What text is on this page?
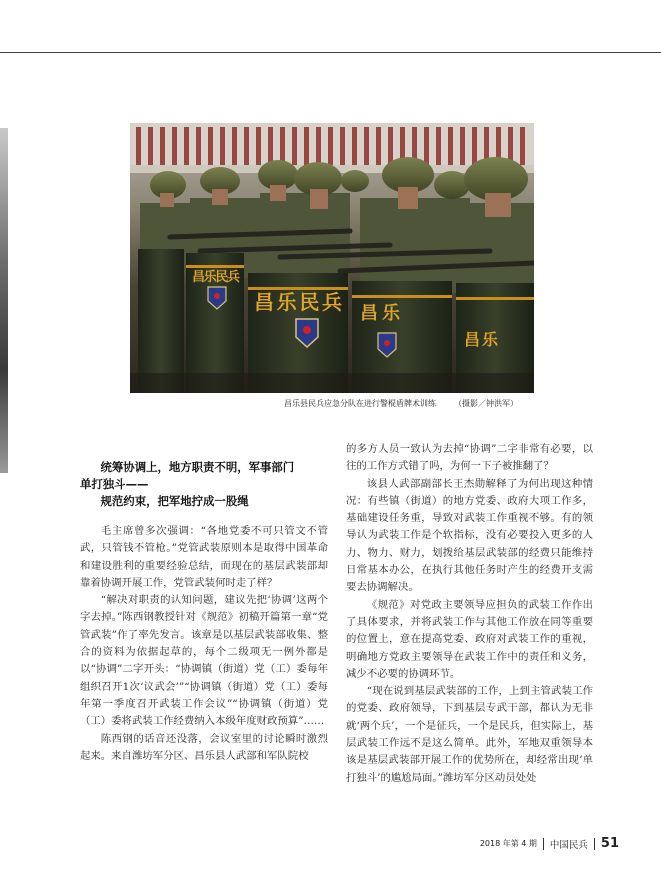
昌乐民兵 昌乐
昌乐民兵
昌乐
昌乐县民兵应急分队在进行警棍盾牌术训练 （摄影／钟洪军）
统筹协调上，地方职责不明，军事部门
单打独斗——
规范约束，把军地拧成一股绳

毛主席曾多次强调：“各地党委不可只管文不管武，只管钱不管枪。”党管武装原则本是取得中国革命和建设胜利的重要经验总结，而现在的基层武装部却靠着协调开展工作，党管武装何时走了样？

“解决对职责的认知问题，建议先把‘协调’这两个字去掉。”陈西钢教授针对《规范》初稿开篇第一章“党管武装”作了率先发言。该章是以基层武装部收集、整合的资料为依据起草的，每个二级项无一例外都是以“协调”二字开头：“协调镇（街道）党（工）委每年组织召开1次‘议武会’”“协调镇（街道）党（工）委每年第一季度召开武装工作会议”“协调镇（街道）党（工）委将武装工作经费纳入本级年度财政预算”……

陈西钢的话音还没落，会议室里的讨论瞬时激烈起来。来自潍坊军分区、昌乐县人武部和军队院校

的多方人员一致认为去掉“协调”二字非常有必要，以往的工作方式错了吗，为何一下子被推翻了？

该县人武部副部长王杰勋解释了为何出现这种情况：有些镇（街道）的地方党委、政府大项工作多，基础建设任务重，导致对武装工作重视不够。有的领导认为武装工作是个软指标，没有必要投入更多的人力、物力、财力，划拨给基层武装部的经费只能维持日常基本办公，在执行其他任务时产生的经费开支需要去协调解决。

《规范》对党政主要领导应担负的武装工作作出了具体要求，并将武装工作与其他工作放在同等重要的位置上，意在提高党委、政府对武装工作的重视，明确地方党政主要领导在武装工作中的责任和义务，减少不必要的协调环节。

“现在说到基层武装部的工作，上到主管武装工作的党委、政府领导，下到基层专武干部，都认为无非就‘两个兵’，一个是征兵，一个是民兵，但实际上，基层武装工作远不是这么简单。此外，军地双重领导本该是基层武装部开展工作的优势所在，却经常出现‘单打独斗’的尴尬局面。”潍坊军分区动员处处

2018 年第 4 期 中国民兵 51
